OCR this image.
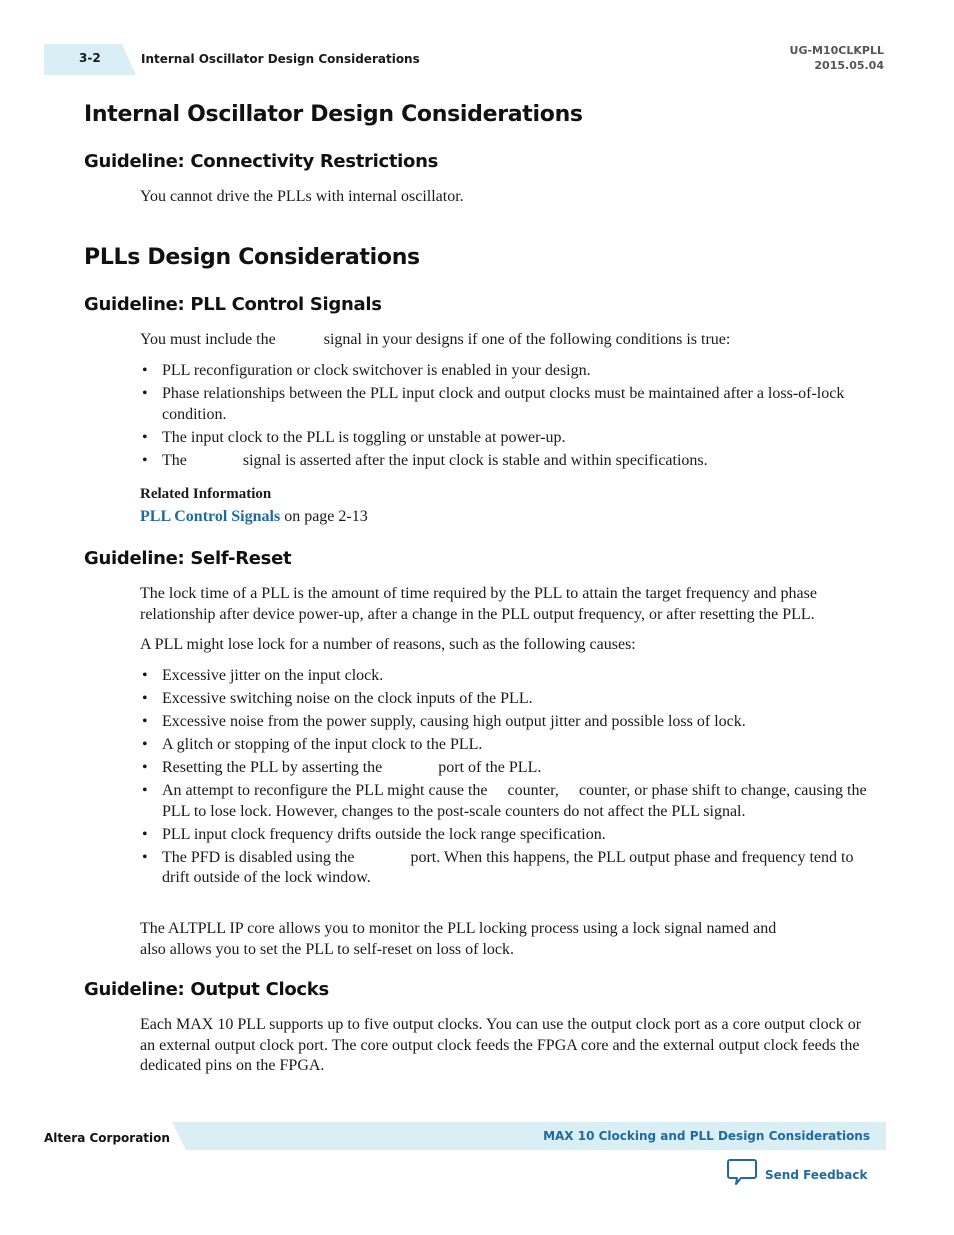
3-2	Internal Oscillator Design Considerations
UG-M10CLKPLL
2015.05.04
Internal Oscillator Design Considerations
Guideline: Connectivity Restrictions

You cannot drive the PLLs with internal oscillator.

PLLs Design Considerations
Guideline: PLL Control Signals

You must include the            signal in your designs if one of the following conditions is true:

• PLL reconfiguration or clock switchover is enabled in your design.
• Phase relationships between the PLL input clock and output clocks must be maintained after a loss-of-lock condition.
• The input clock to the PLL is toggling or unstable at power-up.
• The              signal is asserted after the input clock is stable and within specifications.
Related Information
PLL Control Signals on page 2-13
Guideline: Self-Reset

The lock time of a PLL is the amount of time required by the PLL to attain the target frequency and phase relationship after device power-up, after a change in the PLL output frequency, or after resetting the PLL.

A PLL might lose lock for a number of reasons, such as the following causes:

• Excessive jitter on the input clock.
• Excessive switching noise on the clock inputs of the PLL.
• Excessive noise from the power supply, causing high output jitter and possible loss of lock.
• A glitch or stopping of the input clock to the PLL.
• Resetting the PLL by asserting the              port of the PLL.
• An attempt to reconfigure the PLL might cause the     counter,     counter, or phase shift to change, causing the PLL to lose lock. However, changes to the post-scale counters do not affect the PLL signal.
• PLL input clock frequency drifts outside the lock range specification.
• The PFD is disabled using the              port. When this happens, the PLL output phase and frequency tend to drift outside of the lock window.

The ALTPLL IP core allows you to monitor the PLL locking process using a lock signal named and also allows you to set the PLL to self-reset on loss of lock.

Guideline: Output Clocks

Each MAX 10 PLL supports up to five output clocks. You can use the output clock port as a core output clock or an external output clock port. The core output clock feeds the FPGA core and the external output clock feeds the dedicated pins on the FPGA.

Altera Corporation	MAX 10 Clocking and PLL Design Considerations
Send Feedback
